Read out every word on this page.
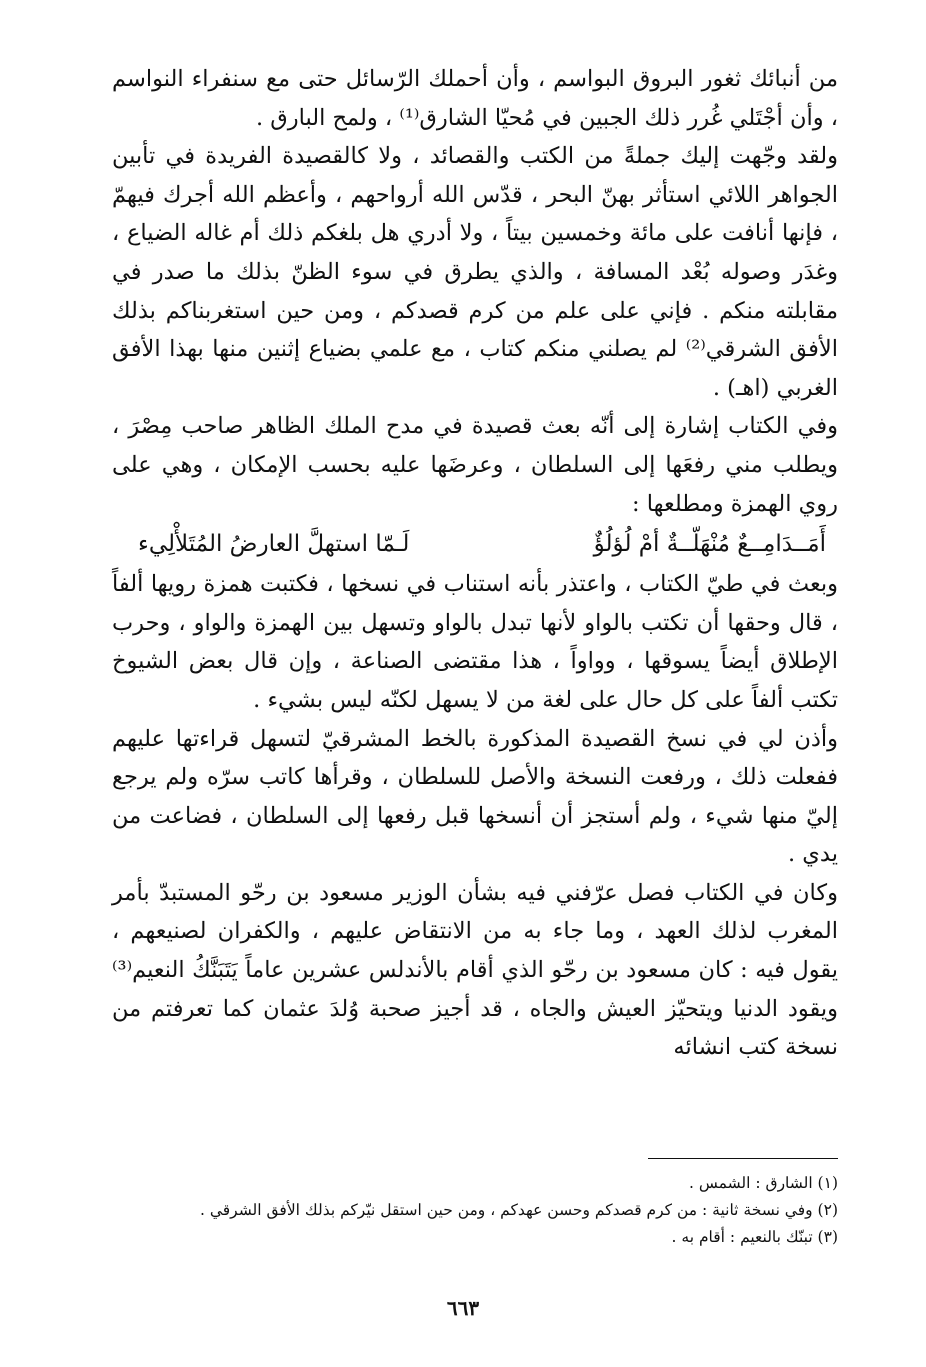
من أنبائك ثغور البروق البواسم ، وأن أحملك الرّسائل حتى مع سنفراء النواسم ، وأن أجْتَلي غُرر ذلك الجبين في مُحيّا الشارق⁽¹⁾ ، ولمح البارق .

ولقد وجّهت إليك جملةً من الكتب والقصائد ، ولا كالقصيدة الفريدة في تأبين الجواهر اللائي استأثر بهنّ البحر ، قدّس الله أرواحهم ، وأعظم الله أجرك فيهمّ ، فإنها أنافت على مائة وخمسين بيتاً ، ولا أدري هل بلغكم ذلك أم غاله الضياع ، وغدَر وصوله بُعْد المسافة ، والذي يطرق في سوء الظنّ بذلك ما صدر في مقابلته منكم . فإني على علم من كرم قصدكم ، ومن حين استغربناكم بذلك الأفق الشرقي⁽²⁾ لم يصلني منكم كتاب ، مع علمي بضياع إثنين منها بهذا الأفق الغربي (اهـ) .

وفي الكتاب إشارة إلى أنّه بعث قصيدة في مدح الملك الظاهر صاحب مِصْرَ ، ويطلب مني رفعَها إلى السلطان ، وعرضَها عليه بحسب الإمكان ، وهي على روي الهمزة ومطلعها :

أَمَــدَامِــعٌ مُنْهَلّــةٌ أمْ لُؤلُؤٌ
لَـمّا استهلَّ العارضُ المُتَلأْلِيء

وبعث في طيّ الكتاب ، واعتذر بأنه استناب في نسخها ، فكتبت همزة رويها ألفاً ، قال وحقها أن تكتب بالواو لأنها تبدل بالواو وتسهل بين الهمزة والواو ، وحرب الإطلاق أيضاً يسوقها ، وواواً ، هذا مقتضى الصناعة ، وإن قال بعض الشيوخ تكتب ألفاً على كل حال على لغة من لا يسهل لكنّه ليس بشيء .

وأذن لي في نسخ القصيدة المذكورة بالخط المشرقيّ لتسهل قراءتها عليهم ففعلت ذلك ، ورفعت النسخة والأصل للسلطان ، وقرأها كاتب سرّه ولم يرجع إليّ منها شيء ، ولم أستجز أن أنسخها قبل رفعها إلى السلطان ، فضاعت من يدي .

وكان في الكتاب فصل عرّفني فيه بشأن الوزير مسعود بن رحّو المستبدّ بأمر المغرب لذلك العهد ، وما جاء به من الانتقاض عليهم ، والكفران لصنيعهم ، يقول فيه : كان مسعود بن رحّو الذي أقام بالأندلس عشرين عاماً يَتَبَنَّكُ النعيم⁽³⁾ ويقود الدنيا ويتحيّز العيش والجاه ، قد أجيز صحبة وُلدَ عثمان كما تعرفتم من نسخة كتب انشائه

(١) الشارق : الشمس .
(٢) وفي نسخة ثانية : من كرم قصدكم وحسن عهدكم ، ومن حين استقل نيّركم بذلك الأفق الشرقي .
(٣) تبنّك بالنعيم : أقام به .
٦٦٣
